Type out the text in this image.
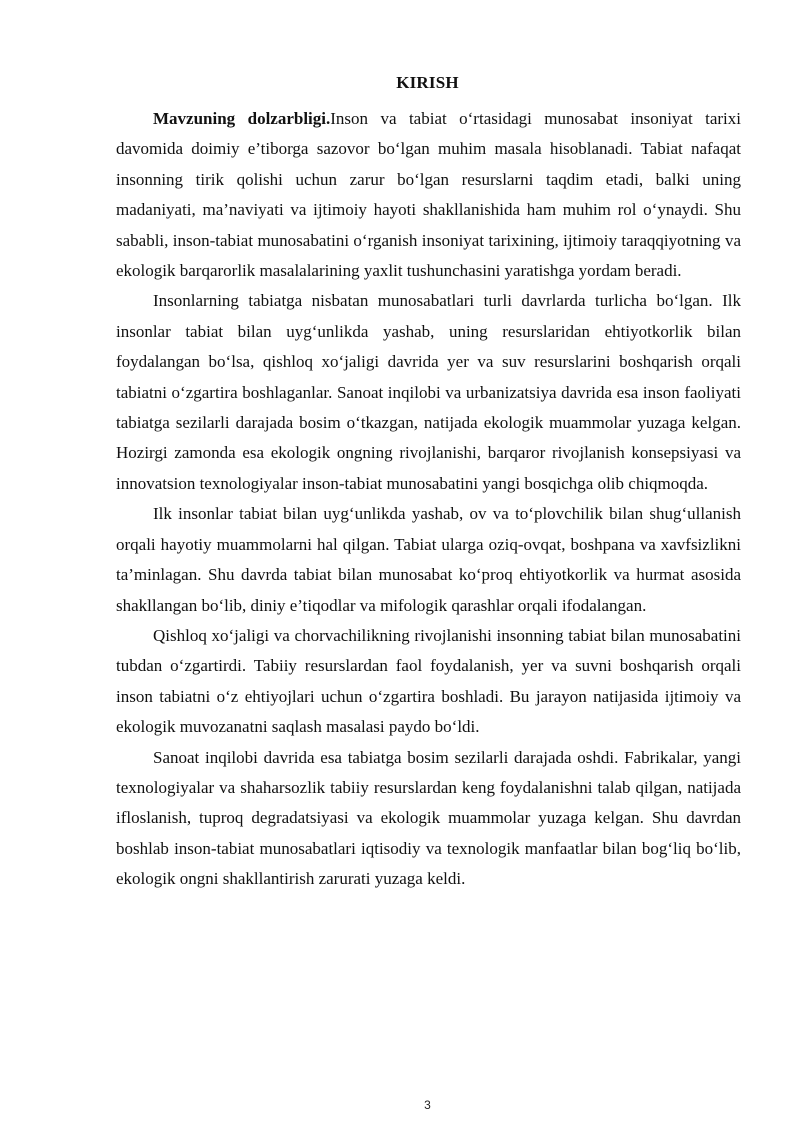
KIRISH

Mavzuning dolzarbligi.Inson va tabiat o‘rtasidagi munosabat insoniyat tarixi davomida doimiy e’tiborga sazovor bo‘lgan muhim masala hisoblanadi. Tabiat nafaqat insonning tirik qolishi uchun zarur bo‘lgan resurslarni taqdim etadi, balki uning madaniyati, ma’naviyati va ijtimoiy hayoti shakllanishida ham muhim rol o‘ynaydi. Shu sababli, inson-tabiat munosabatini o‘rganish insoniyat tarixining, ijtimoiy taraqqiyotning va ekologik barqarorlik masalalarining yaxlit tushunchasini yaratishga yordam beradi.

Insonlarning tabiatga nisbatan munosabatlari turli davrlarda turlicha bo‘lgan. Ilk insonlar tabiat bilan uyg‘unlikda yashab, uning resurslaridan ehtiyotkorlik bilan foydalangan bo‘lsa, qishloq xo‘jaligi davrida yer va suv resurslarini boshqarish orqali tabiatni o‘zgartira boshlaganlar. Sanoat inqilobi va urbanizatsiya davrida esa inson faoliyati tabiatga sezilarli darajada bosim o‘tkazgan, natijada ekologik muammolar yuzaga kelgan. Hozirgi zamonda esa ekologik ongning rivojlanishi, barqaror rivojlanish konsepsiyasi va innovatsion texnologiyalar inson-tabiat munosabatini yangi bosqichga olib chiqmoqda.

Ilk insonlar tabiat bilan uyg‘unlikda yashab, ov va to‘plovchilik bilan shug‘ullanish orqali hayotiy muammolarni hal qilgan. Tabiat ularga oziq-ovqat, boshpana va xavfsizlikni ta’minlagan. Shu davrda tabiat bilan munosabat ko‘proq ehtiyotkorlik va hurmat asosida shakllangan bo‘lib, diniy e’tiqodlar va mifologik qarashlar orqali ifodalangan.

Qishloq xo‘jaligi va chorvachilikning rivojlanishi insonning tabiat bilan munosabatini tubdan o‘zgartirdi. Tabiiy resurslardan faol foydalanish, yer va suvni boshqarish orqali inson tabiatni o‘z ehtiyojlari uchun o‘zgartira boshladi. Bu jarayon natijasida ijtimoiy va ekologik muvozanatni saqlash masalasi paydo bo‘ldi.

Sanoat inqilobi davrida esa tabiatga bosim sezilarli darajada oshdi. Fabrikalar, yangi texnologiyalar va shaharsozlik tabiiy resurslardan keng foydalanishni talab qilgan, natijada ifloslanish, tuproq degradatsiyasi va ekologik muammolar yuzaga kelgan. Shu davrdan boshlab inson-tabiat munosabatlari iqtisodiy va texnologik manfaatlar bilan bog‘liq bo‘lib, ekologik ongni shakllantirish zarurati yuzaga keldi.

3
